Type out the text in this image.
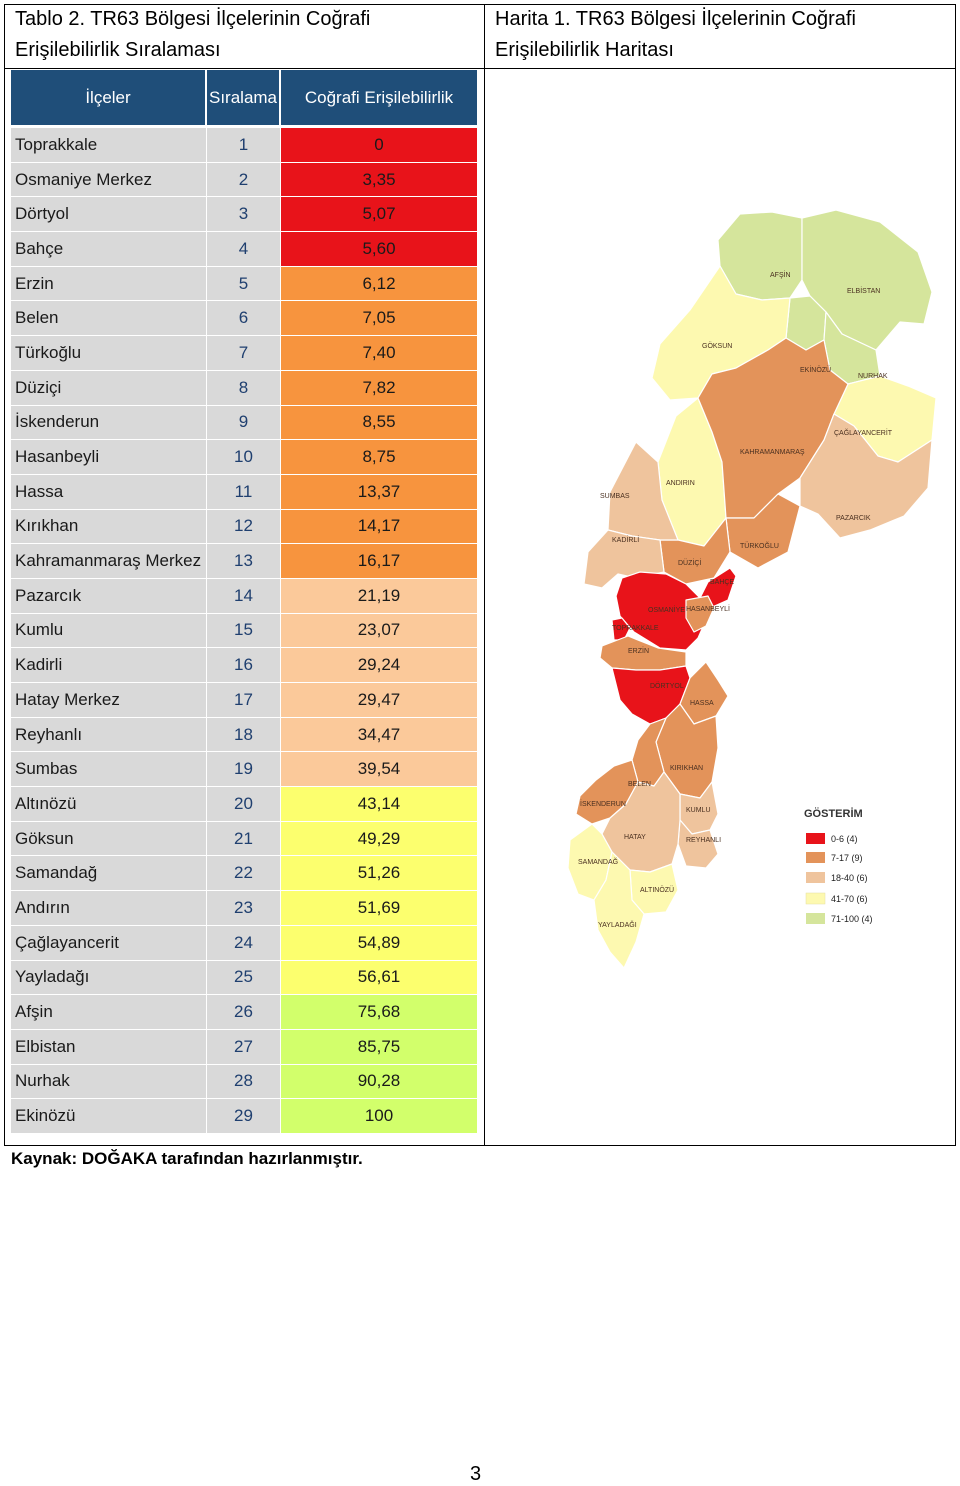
Tablo 2. TR63 Bölgesi İlçelerinin Coğrafi
Erişilebilirlik Sıralaması
Harita 1. TR63 Bölgesi İlçelerinin Coğrafi
Erişilebilirlik Haritası
İlçeler	Sıralama	Coğrafi Erişilebilirlik
Toprakkale	1	0
Osmaniye Merkez	2	3,35
Dörtyol	3	5,07
Bahçe	4	5,60
Erzin	5	6,12
Belen	6	7,05
Türkoğlu	7	7,40
Düziçi	8	7,82
İskenderun	9	8,55
Hasanbeyli	10	8,75
Hassa	11	13,37
Kırıkhan	12	14,17
Kahramanmaraş Merkez	13	16,17
Pazarcık	14	21,19
Kumlu	15	23,07
Kadirli	16	29,24
Hatay Merkez	17	29,47
Reyhanlı	18	34,47
Sumbas	19	39,54
Altınözü	20	43,14
Göksun	21	49,29
Samandağ	22	51,26
Andırın	23	51,69
Çağlayancerit	24	54,89
Yayladağı	25	56,61
Afşin	26	75,68
Elbistan	27	85,75
Nurhak	28	90,28
Ekinözü	29	100
AFŞİN
ELBİSTAN
GÖKSUN
EKİNÖZÜ
NURHAK
ÇAĞLAYANCERİT
KAHRAMANMARAŞ
ANDIRIN
SUMBAS
PAZARCIK
KADİRLİ
TÜRKOĞLU
DÜZİÇİ
BAHÇE
OSMANİYE HASANBEYLİ
TOPRAKKALE
ERZİN
DÖRTYOL
HASSA
KIRIKHAN
BELEN
İSKENDERUN
KUMLU
HATAY	REYHANLI
SAMANDAĞ
ALTINÖZÜ
YAYLADAĞI
GÖSTERİM
0-6 (4)
7-17 (9)
18-40 (6)
41-70 (6)
71-100 (4)
Kaynak: DOĞAKA tarafından hazırlanmıştır.
3
